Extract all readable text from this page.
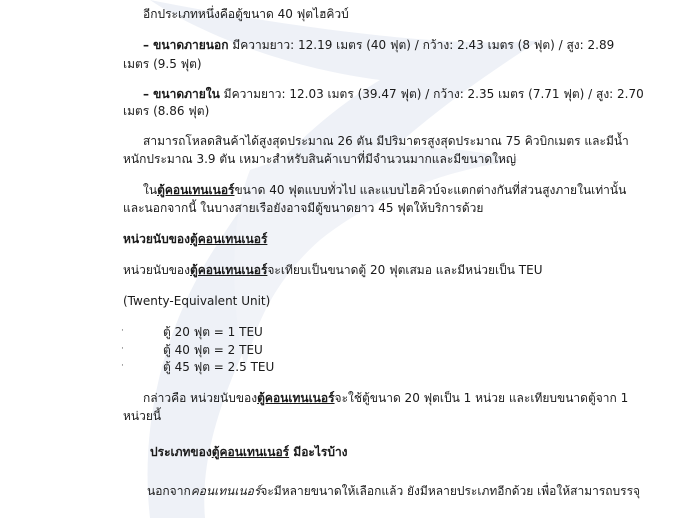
อีกประเภทหนึ่งคือตู้ขนาด 40 ฟุตไฮคิวบ์
– ขนาดภายนอก มีความยาว: 12.19 เมตร (40 ฟุต) / กว้าง: 2.43 เมตร (8 ฟุต) / สูง: 2.89
เมตร (9.5 ฟุต)
– ขนาดภายใน มีความยาว: 12.03 เมตร (39.47 ฟุต) / กว้าง: 2.35 เมตร (7.71 ฟุต) / สูง: 2.70
เมตร (8.86 ฟุต)
สามารถโหลดสินค้าได้สูงสุดประมาณ 26 ตัน มีปริมาตรสูงสุดประมาณ 75 คิวบิกเมตร และมีน้ำ
หนักประมาณ 3.9 ตัน เหมาะสำหรับสินค้าเบาที่มีจำนวนมากและมีขนาดใหญ่
ในตู้คอนเทนเนอร์ขนาด 40 ฟุตแบบทั่วไป และแบบไฮคิวบ์จะแตกต่างกันที่ส่วนสูงภายในเท่านั้น
และนอกจากนี้ ในบางสายเรือยังอาจมีตู้ขนาดยาว 45 ฟุตให้บริการด้วย
หน่วยนับของตู้คอนเทนเนอร์
หน่วยนับของตู้คอนเทนเนอร์จะเทียบเป็นขนาดตู้ 20 ฟุตเสมอ และมีหน่วยเป็น TEU
(Twenty-Equivalent Unit)
·	ตู้ 20 ฟุต = 1 TEU
·	ตู้ 40 ฟุต = 2 TEU
·	ตู้ 45 ฟุต = 2.5 TEU
กล่าวคือ หน่วยนับของตู้คอนเทนเนอร์จะใช้ตู้ขนาด 20 ฟุตเป็น 1 หน่วย และเทียบขนาดตู้จาก 1
หน่วยนี้
ประเภทของตู้คอนเทนเนอร์ มีอะไรบ้าง
นอกจากคอนเทนเนอร์จะมีหลายขนาดให้เลือกแล้ว ยังมีหลายประเภทอีกด้วย เพื่อให้สามารถบรรจุ
